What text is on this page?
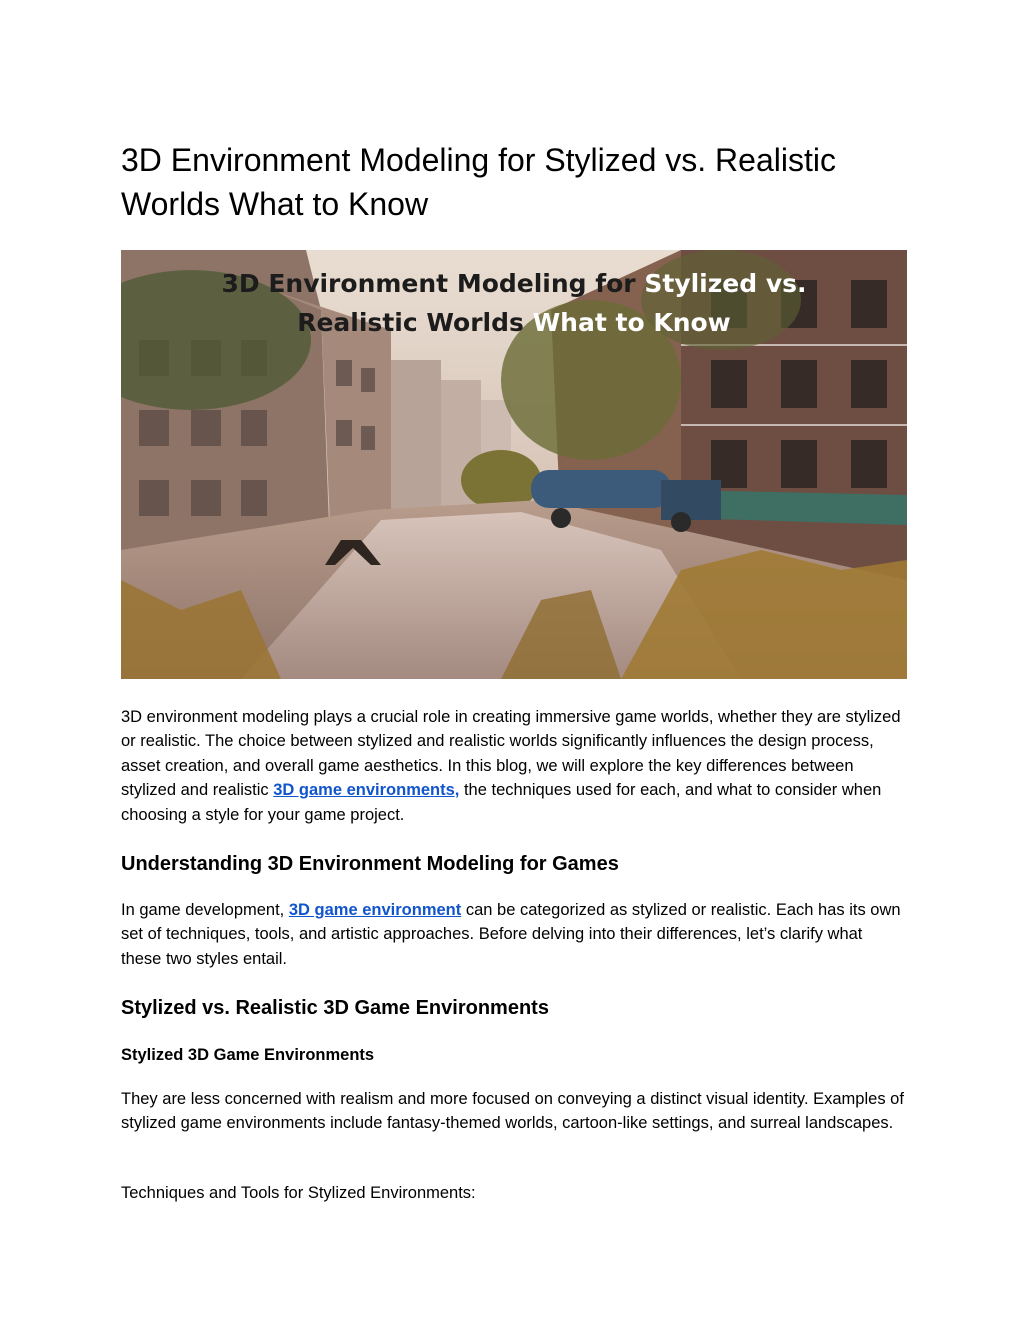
3D Environment Modeling for Stylized vs. Realistic Worlds What to Know
3D Environment Modeling for Stylized vs.
Realistic Worlds What to Know

3D environment modeling plays a crucial role in creating immersive game worlds, whether they are stylized or realistic. The choice between stylized and realistic worlds significantly influences the design process, asset creation, and overall game aesthetics. In this blog, we will explore the key differences between stylized and realistic 3D game environments, the techniques used for each, and what to consider when choosing a style for your game project.

Understanding 3D Environment Modeling for Games

In game development, 3D game environment can be categorized as stylized or realistic. Each has its own set of techniques, tools, and artistic approaches. Before delving into their differences, let’s clarify what these two styles entail.

Stylized vs. Realistic 3D Game Environments
Stylized 3D Game Environments

They are less concerned with realism and more focused on conveying a distinct visual identity. Examples of stylized game environments include fantasy-themed worlds, cartoon-like settings, and surreal landscapes.

Techniques and Tools for Stylized Environments:
